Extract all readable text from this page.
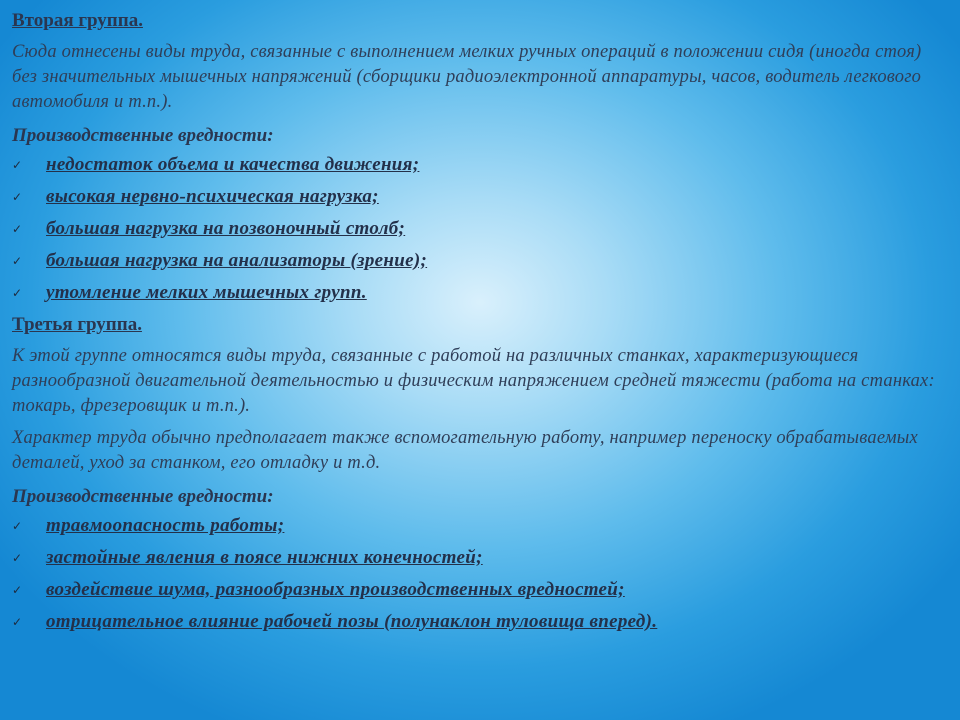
Вторая группа.
Сюда отнесены виды труда, связанные с выполнением мелких ручных операций в положении сидя (иногда стоя) без значительных мышечных напряжений (сборщики радиоэлектронной аппаратуры, часов, водитель легкового автомобиля и т.п.).
Производственные вредности:
✓ недостаток объема и качества движения;
✓ высокая нервно-психическая нагрузка;
✓ большая нагрузка на позвоночный столб;
✓ большая нагрузка на анализаторы (зрение);
✓ утомление мелких мышечных групп.
Третья группа.
К этой группе относятся виды труда, связанные с работой на различных станках, характеризующиеся разнообразной двигательной деятельностью и физическим напряжением средней тяжести (работа на станках: токарь, фрезеровщик и т.п.).
Характер труда обычно предполагает также вспомогательную работу, например переноску обрабатываемых деталей, уход за станком, его отладку и т.д.
Производственные вредности:
✓ травмоопасность работы;
✓ застойные явления в поясе нижних конечностей;
✓ воздействие шума, разнообразных производственных вредностей;
✓ отрицательное влияние рабочей позы (полунаклон туловища вперед).
